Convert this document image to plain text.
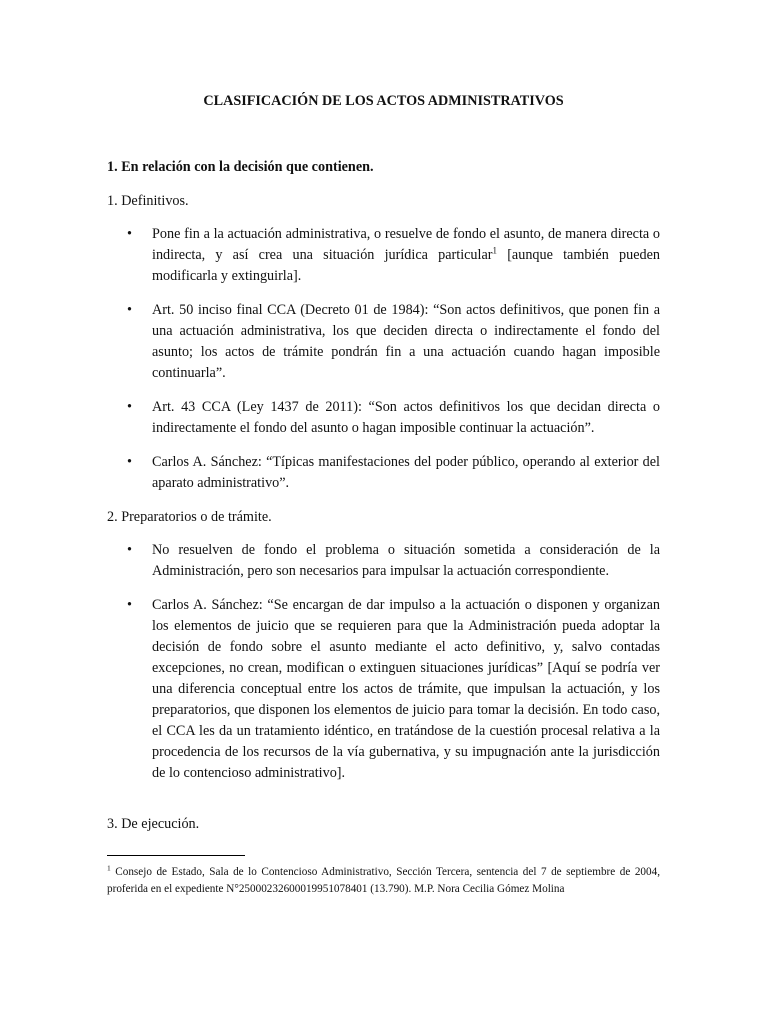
CLASIFICACIÓN DE LOS ACTOS ADMINISTRATIVOS
1. En relación con la decisión que contienen.
1. Definitivos.
•	Pone fin a la actuación administrativa, o resuelve de fondo el asunto, de manera directa o indirecta, y así crea una situación jurídica particular$^1$ [aunque también pueden modificarla y extinguirla].
•	Art. 50 inciso final CCA (Decreto 01 de 1984): “Son actos definitivos, que ponen fin a una actuación administrativa, los que deciden directa o indirectamente el fondo del asunto; los actos de trámite pondrán fin a una actuación cuando hagan imposible continuarla”.
•	Art. 43 CCA (Ley 1437 de 2011): “Son actos definitivos los que decidan directa o indirectamente el fondo del asunto o hagan imposible continuar la actuación”.
•	Carlos A. Sánchez: “Típicas manifestaciones del poder público, operando al exterior del aparato administrativo”.
2. Preparatorios o de trámite.
•	No resuelven de fondo el problema o situación sometida a consideración de la Administración, pero son necesarios para impulsar la actuación correspondiente.
•	Carlos A. Sánchez: “Se encargan de dar impulso a la actuación o disponen y organizan los elementos de juicio que se requieren para que la Administración pueda adoptar la decisión de fondo sobre el asunto mediante el acto definitivo, y, salvo contadas excepciones, no crean, modifican o extinguen situaciones jurídicas” [Aquí se podría ver una diferencia conceptual entre los actos de trámite, que impulsan la actuación, y los preparatorios, que disponen los elementos de juicio para tomar la decisión. En todo caso, el CCA les da un tratamiento idéntico, en tratándose de la cuestión procesal relativa a la procedencia de los recursos de la vía gubernativa, y su impugnación ante la jurisdicción de lo contencioso administrativo].
3. De ejecución.
$^1$ Consejo de Estado, Sala de lo Contencioso Administrativo, Sección Tercera, sentencia del 7 de septiembre de 2004, proferida en el expediente N°25000232600019951078401 (13.790). M.P. Nora Cecilia Gómez Molina
